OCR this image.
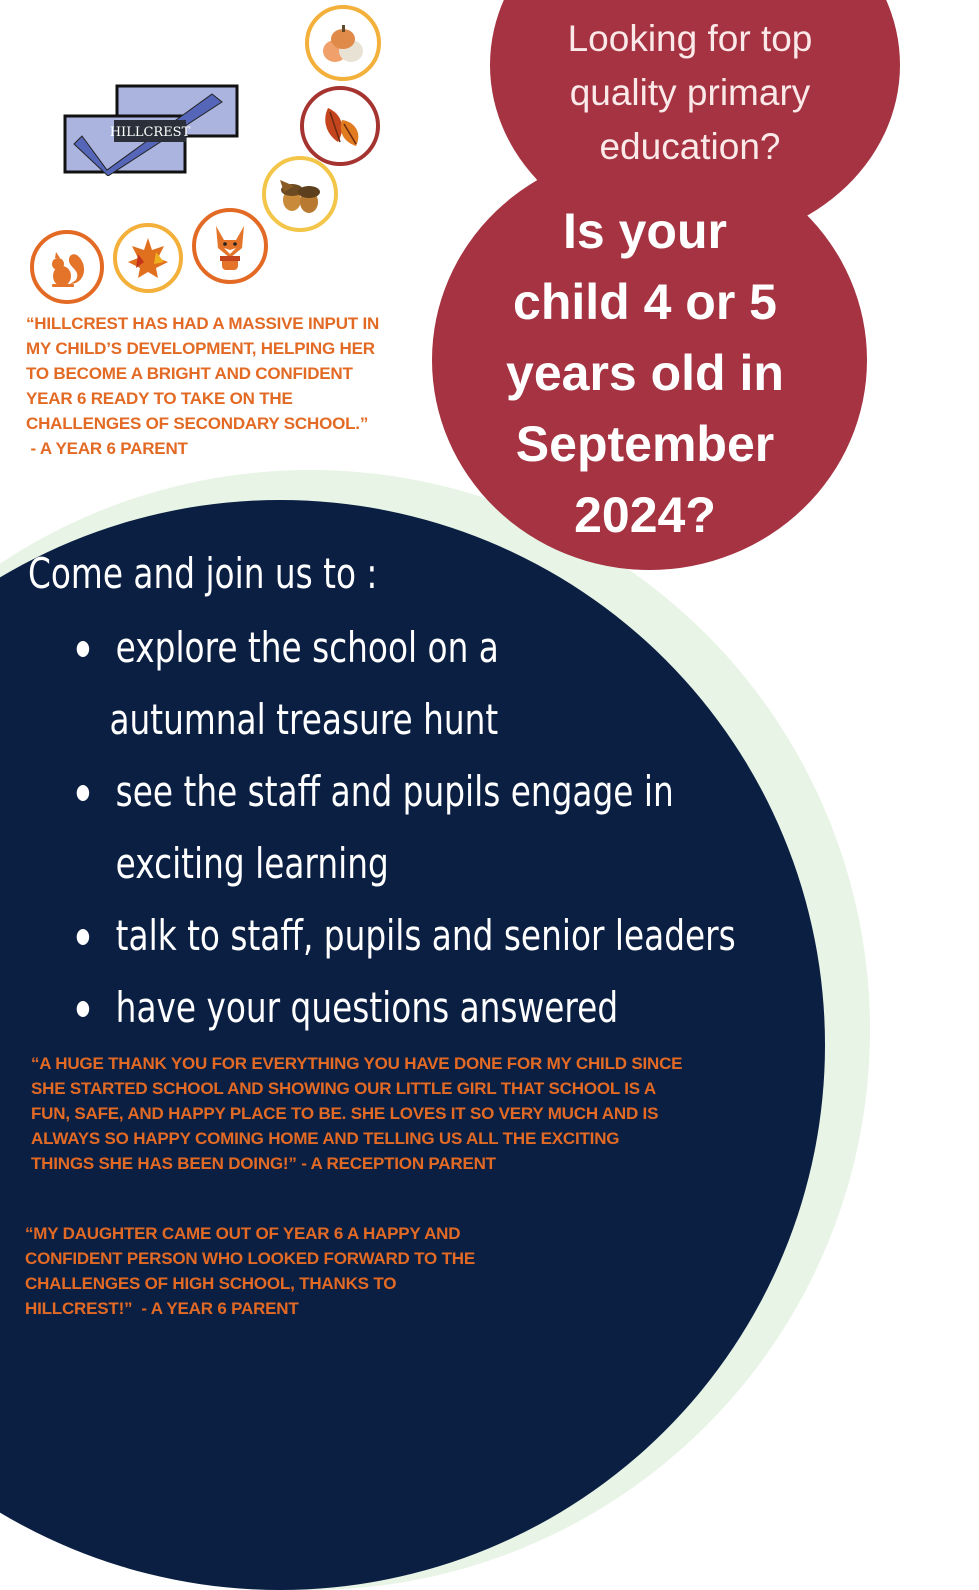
HILLCREST

“HILLCREST HAS HAD A MASSIVE INPUT IN

MY CHILD’S DEVELOPMENT, HELPING HER

TO BECOME A BRIGHT AND CONFIDENT

YEAR 6 READY TO TAKE ON THE

CHALLENGES OF SECONDARY SCHOOL.”

- A YEAR 6 PARENT

Looking for top
quality primary
education?
Is your
child 4 or 5
years old in
September
2024?
Come and join us to :
explore the school on a
autumnal treasure hunt
see the staff and pupils engage in
exciting learning
talk to staff, pupils and senior leaders
have your questions answered

“A HUGE THANK YOU FOR EVERYTHING YOU HAVE DONE FOR MY CHILD SINCE

SHE STARTED SCHOOL AND SHOWING OUR LITTLE GIRL THAT SCHOOL IS A

FUN, SAFE, AND HAPPY PLACE TO BE. SHE LOVES IT SO VERY MUCH AND IS

ALWAYS SO HAPPY COMING HOME AND TELLING US ALL THE EXCITING

THINGS SHE HAS BEEN DOING!” - A RECEPTION PARENT

“MY DAUGHTER CAME OUT OF YEAR 6 A HAPPY AND

CONFIDENT PERSON WHO LOOKED FORWARD TO THE

CHALLENGES OF HIGH SCHOOL, THANKS TO

HILLCREST!”  - A YEAR 6 PARENT
